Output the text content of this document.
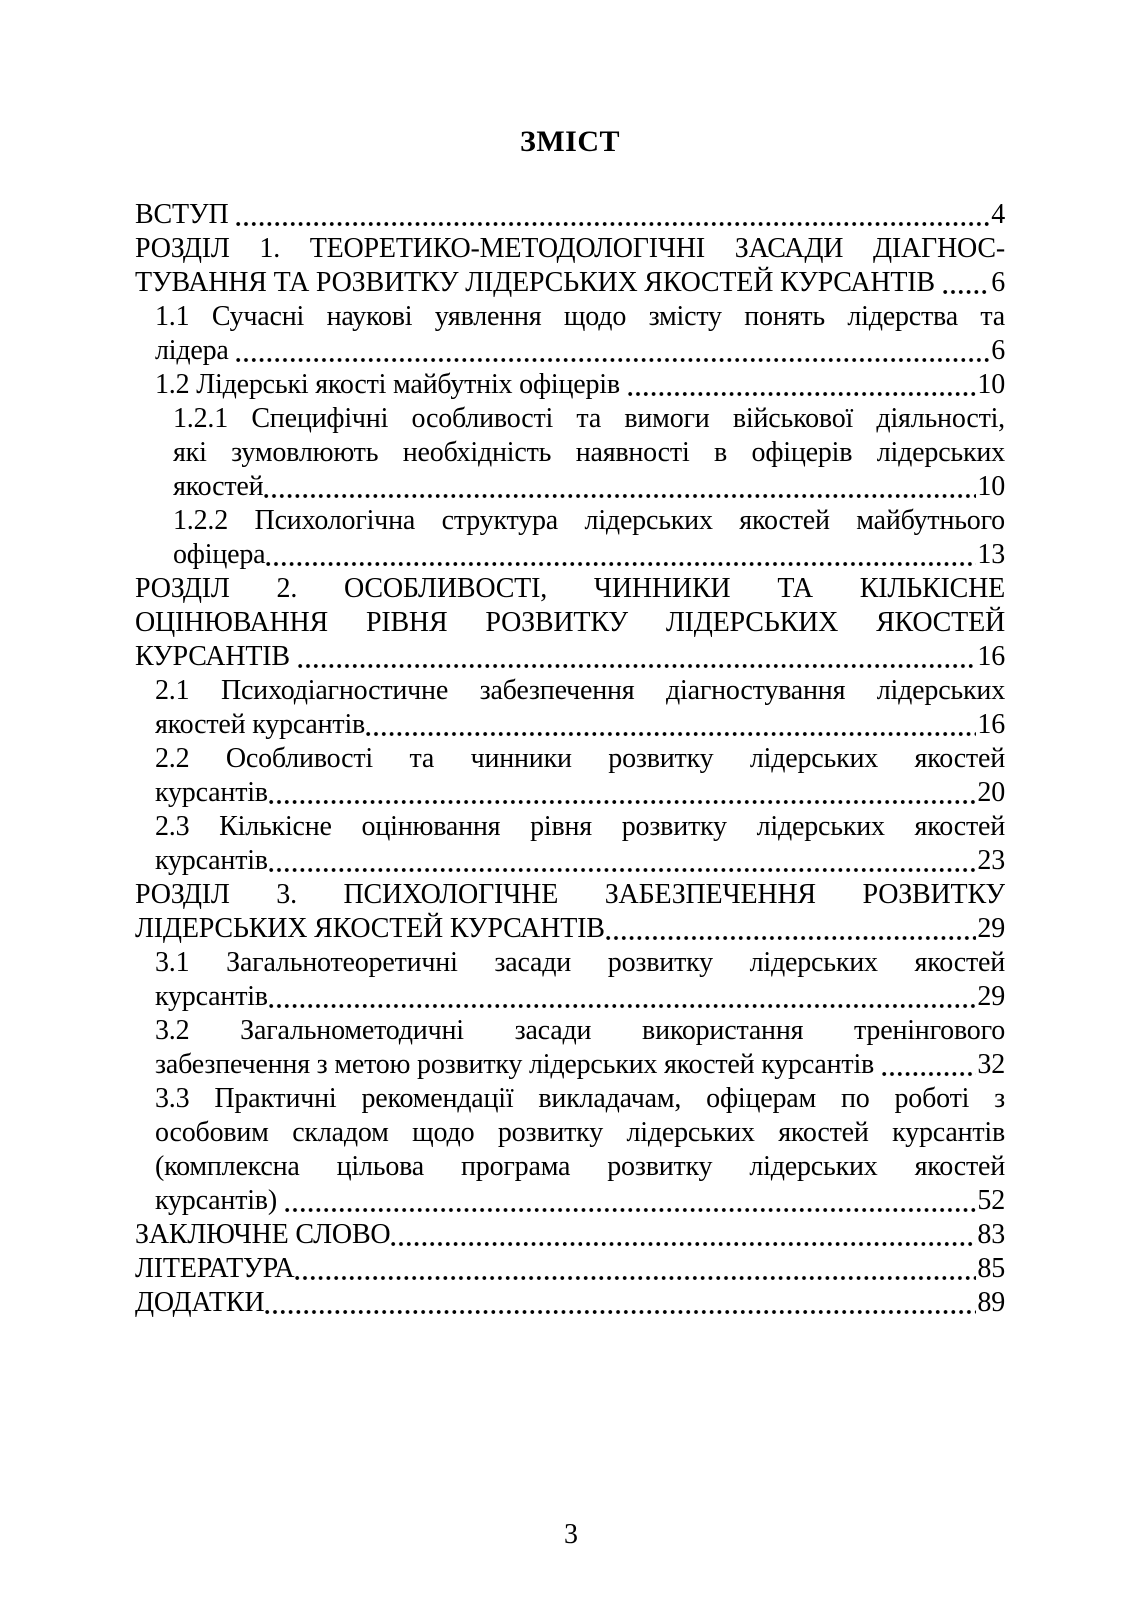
ЗМІСТ
ВСТУП	4
РОЗДІЛ 1. ТЕОРЕТИКО-МЕТОДОЛОГІЧНІ ЗАСАДИ ДІАГНОС-
ТУВАННЯ ТА РОЗВИТКУ ЛІДЕРСЬКИХ ЯКОСТЕЙ КУРСАНТІВ 6
1.1 Сучасні наукові уявлення щодо змісту понять лідерства та
лідера	6
1.2 Лідерські якості майбутніх офіцерів	10
1.2.1 Специфічні особливості та вимоги військової діяльності,
які зумовлюють необхідність наявності в офіцерів лідерських
якостей	10
1.2.2 Психологічна структура лідерських якостей майбутнього
офіцера	13
РОЗДІЛ 2. ОСОБЛИВОСТІ, ЧИННИКИ ТА КІЛЬКІСНЕ
ОЦІНЮВАННЯ РІВНЯ РОЗВИТКУ ЛІДЕРСЬКИХ ЯКОСТЕЙ
КУРСАНТІВ	16
2.1 Психодіагностичне забезпечення діагностування лідерських
якостей курсантів	16
2.2 Особливості та чинники розвитку лідерських якостей
курсантів	20
2.3 Кількісне оцінювання рівня розвитку лідерських якостей
курсантів	23
РОЗДІЛ 3. ПСИХОЛОГІЧНЕ ЗАБЕЗПЕЧЕННЯ РОЗВИТКУ
ЛІДЕРСЬКИХ ЯКОСТЕЙ КУРСАНТІВ	29
3.1 Загальнотеоретичні засади розвитку лідерських якостей
курсантів	29
3.2 Загальнометодичні засади використання тренінгового
забезпечення з метою розвитку лідерських якостей курсантів	32
3.3 Практичні рекомендації викладачам, офіцерам по роботі з
особовим складом щодо розвитку лідерських якостей курсантів
(комплексна цільова програма розвитку лідерських якостей
курсантів)	52
ЗАКЛЮЧНЕ СЛОВО	83
ЛІТЕРАТУРА	85
ДОДАТКИ	89
3
